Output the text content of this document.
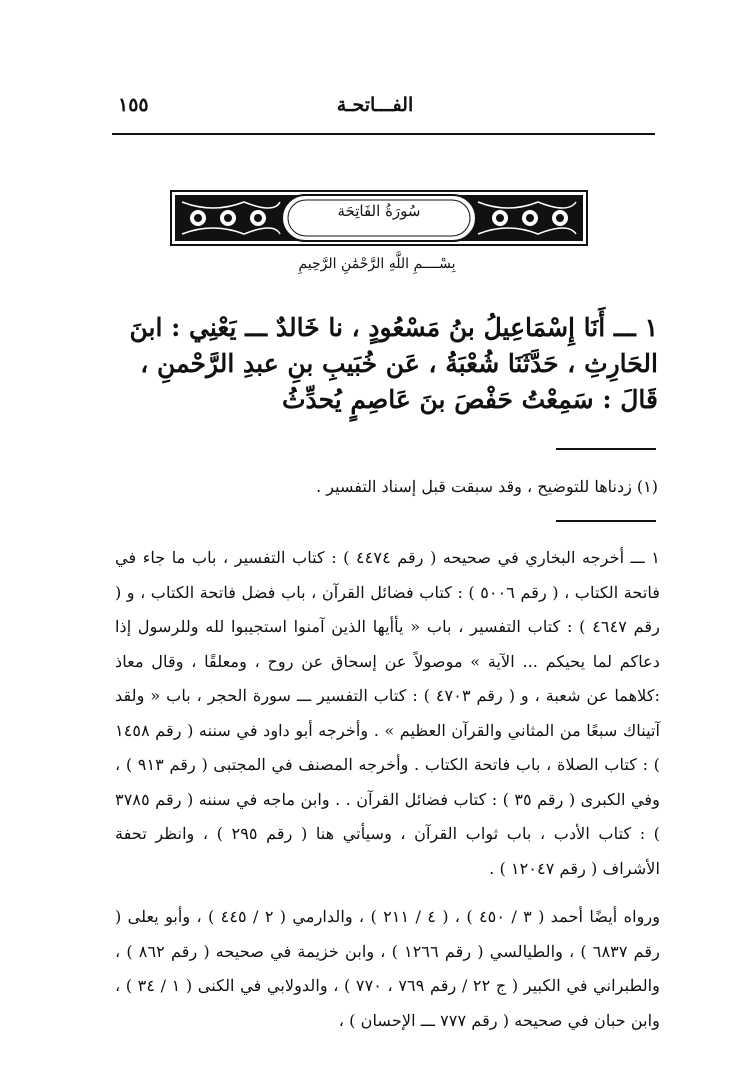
١٥٥	الفـــاتحـة
سُورَةُ الفَاتِحَة
بِسْــــمِ اللَّهِ الرَّحْمَٰنِ الرَّحِيمِ
١ ـــ أَنَا إِسْمَاعِيلُ بنُ مَسْعُودٍ ، نا خَالدٌ ـــ يَعْنِي : ابنَ الحَارِثِ ، حَدَّثَنَا شُعْبَةُ ، عَن خُبَيبِ بنِ عبدِ الرَّحْمنِ ، قَالَ : سَمِعْتُ حَفْصَ بنَ عَاصِمٍ يُحدِّثُ
(١) زدناها للتوضيح ، وقد سبقت قبل إسناد التفسير .

١ ـــ أخرجه البخاري في صحيحه ( رقم ٤٤٧٤ ) : كتاب التفسير ، باب ما جاء في فاتحة الكتاب ، ( رقم ٥٠٠٦ ) : كتاب فضائل القرآن ، باب فضل فاتحة الكتاب ، و ( رقم ٤٦٤٧ ) : كتاب التفسير ، باب « يأأيها الذين آمنوا استجيبوا لله وللرسول إذا دعاكم لما يحيكم ... الآية » موصولاً عن إسحاق عن روح ، ومعلقًا ، وقال معاذ :كلاهما عن شعبة ، و ( رقم ٤٧٠٣ ) : كتاب التفسير ـــ سورة الحجر ، باب « ولقد آتيناك سبعًا من المثاني والقرآن العظيم » . وأخرجه أبو داود في سننه ( رقم ١٤٥٨ ) : كتاب الصلاة ، باب فاتحة الكتاب . وأخرجه المصنف في المجتبى ( رقم ٩١٣ ) ، وفي الكبرى ( رقم ٣٥ ) : كتاب فضائل القرآن . . وابن ماجه في سننه ( رقم ٣٧٨٥ ) : كتاب الأدب ، باب ثواب القرآن ، وسيأتي هنا ( رقم ٢٩٥ ) ، وانظر تحفة الأشراف ( رقم ١٢٠٤٧ ) .

ورواه أيضًا أحمد ( ٣ / ٤٥٠ ) ، ( ٤ / ٢١١ ) ، والدارمي ( ٢ / ٤٤٥ ) ، وأبو يعلى ( رقم ٦٨٣٧ ) ، والطيالسي ( رقم ١٢٦٦ ) ، وابن خزيمة في صحيحه ( رقم ٨٦٢ ) ، والطبراني في الكبير ( ج ٢٢ / رقم ٧٦٩ ، ٧٧٠ ) ، والدولابي في الكنى ( ١ / ٣٤ ) ، وابن حبان في صحيحه ( رقم ٧٧٧ ـــ الإحسان ) ،
